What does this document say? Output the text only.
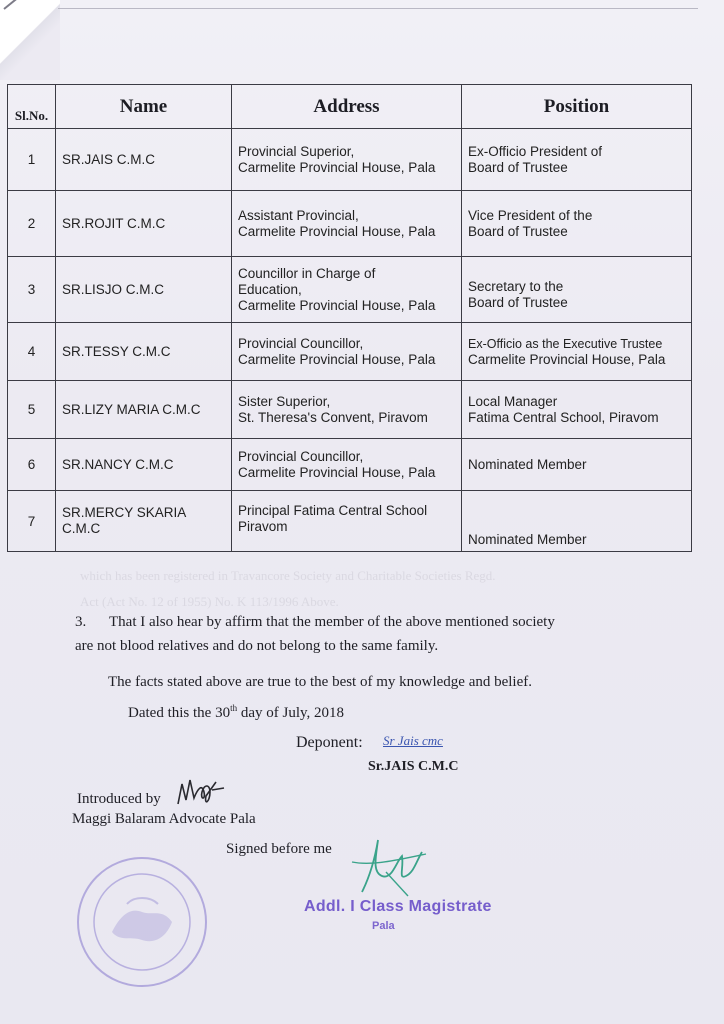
Sl.No.	Name	Address	Position
1	SR.JAIS C.M.C	Provincial Superior,
Carmelite Provincial House, Pala	Ex-Officio President of
Board of Trustee

2	SR.ROJIT C.M.C	Assistant Provincial,
Carmelite Provincial House, Pala	Vice President of the
Board of Trustee

3	SR.LISJO C.M.C	Councillor in Charge of Education,
Carmelite Provincial House, Pala	Secretary to the
Board of Trustee

4	SR.TESSY C.M.C	Provincial Councillor,
Carmelite Provincial House, Pala	Ex-Officio as the Executive Trustee
Carmelite Provincial House, Pala

5	SR.LIZY MARIA C.M.C	Sister Superior,
St. Theresa's Convent, Piravom	Local Manager
Fatima Central School, Piravom

6	SR.NANCY C.M.C	Provincial Councillor,
Carmelite Provincial House, Pala	Nominated Member
7	SR.MERCY SKARIA C.M.C	Principal Fatima Central School Piravom	Nominated Member
which has been registered in Travancore Society and Charitable Societies Regd.
Act (Act No. 12 of 1955) No. K 113/1996 Above.
3. That I also hear by affirm that the member of the above mentioned society
are not blood relatives and do not belong to the same family.
The facts stated above are true to the best of my knowledge and belief.
Dated this the 30th day of July, 2018
Deponent: Sr Jais cmc
Sr.JAIS C.M.C
Introduced by
Maggi Balaram Advocate Pala
Signed before me
Addl. I Class Magistrate
Pala
